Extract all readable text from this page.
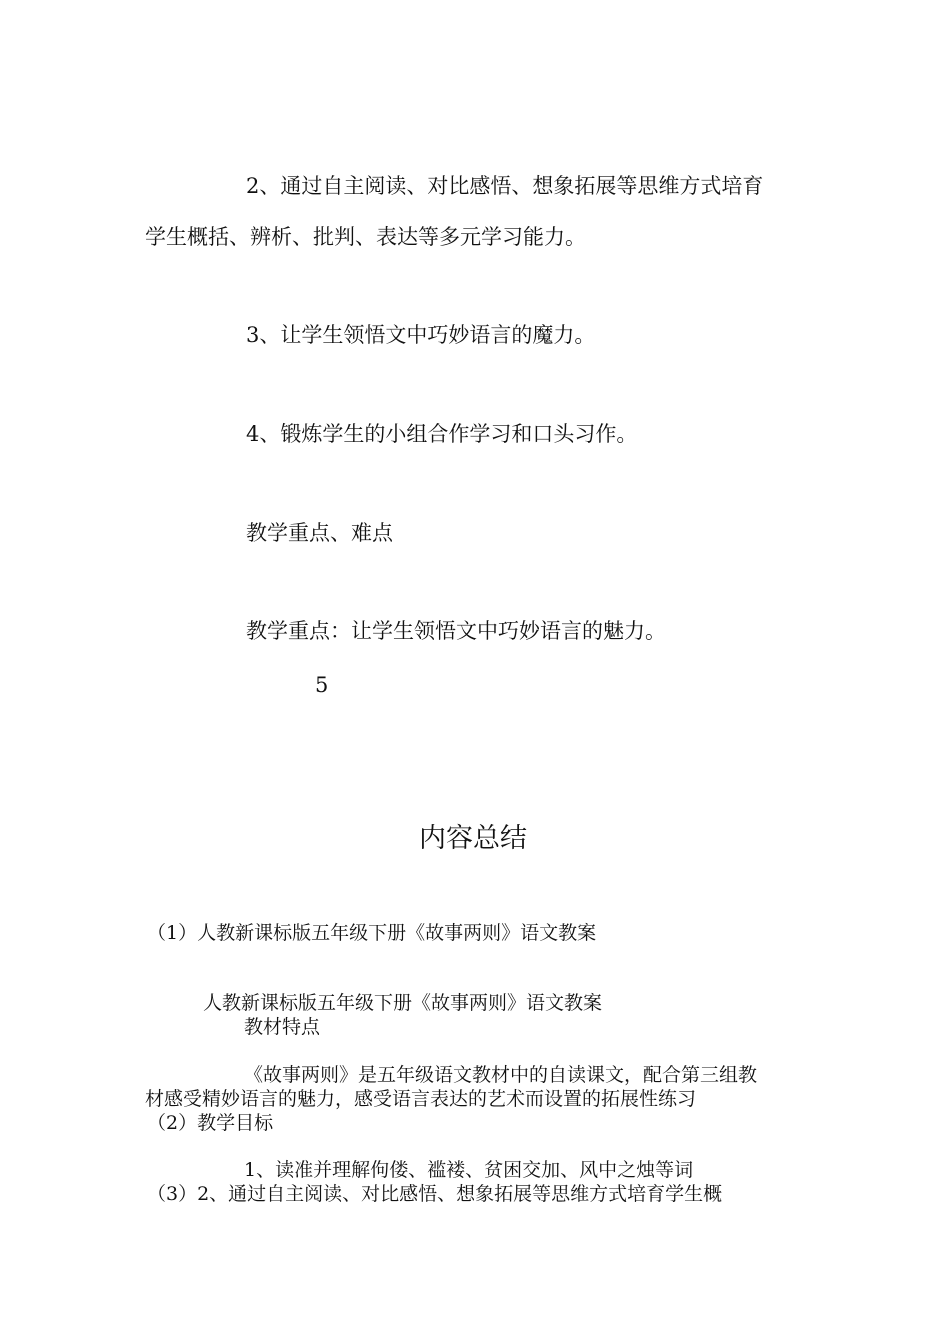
2、通过自主阅读、对比感悟、想象拓展等思维方式培育
学生概括、辨析、批判、表达等多元学习能力。
3、让学生领悟文中巧妙语言的魔力。
4、锻炼学生的小组合作学习和口头习作。
教学重点、难点
教学重点：让学生领悟文中巧妙语言的魅力。
5
内容总结
（1）人教新课标版五年级下册《故事两则》语文教案
人教新课标版五年级下册《故事两则》语文教案
教材特点
《故事两则》是五年级语文教材中的自读课文，配合第三组教
材感受精妙语言的魅力，感受语言表达的艺术而设置的拓展性练习
（2）教学目标
1、读准并理解佝偻、褴褛、贫困交加、风中之烛等词
（3）2、通过自主阅读、对比感悟、想象拓展等思维方式培育学生概
